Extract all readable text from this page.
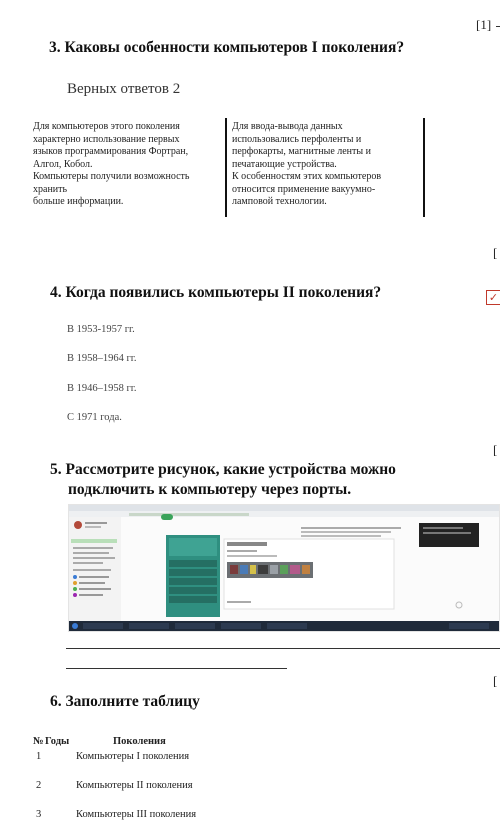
[1]
3. Каковы особенности компьютеров I поколения?
Верных ответов 2
Для компьютеров этого поколения
характерно использование первых
языков программирования Фортран,
Алгол, Кобол.
Компьютеры получили возможность
хранить
больше информации.
Для ввода-вывода данных
использовались перфоленты и
перфокарты, магнитные ленты и
печатающие устройства.
К особенностям этих компьютеров
относится применение вакуумно-
ламповой технологии.
[
4. Когда появились компьютеры II поколения?	✓
В 1953-1957 гг.
В 1958–1964 гг.
В 1946–1958 гг.
С 1971 года.
[
5. Рассмотрите рисунок, какие устройства можно
подключить к компьютеру через порты.
[
6. Заполните таблицу
№ Годы	Поколения
1	Компьютеры I поколения
2	Компьютеры II поколения
3	Компьютеры III поколения
